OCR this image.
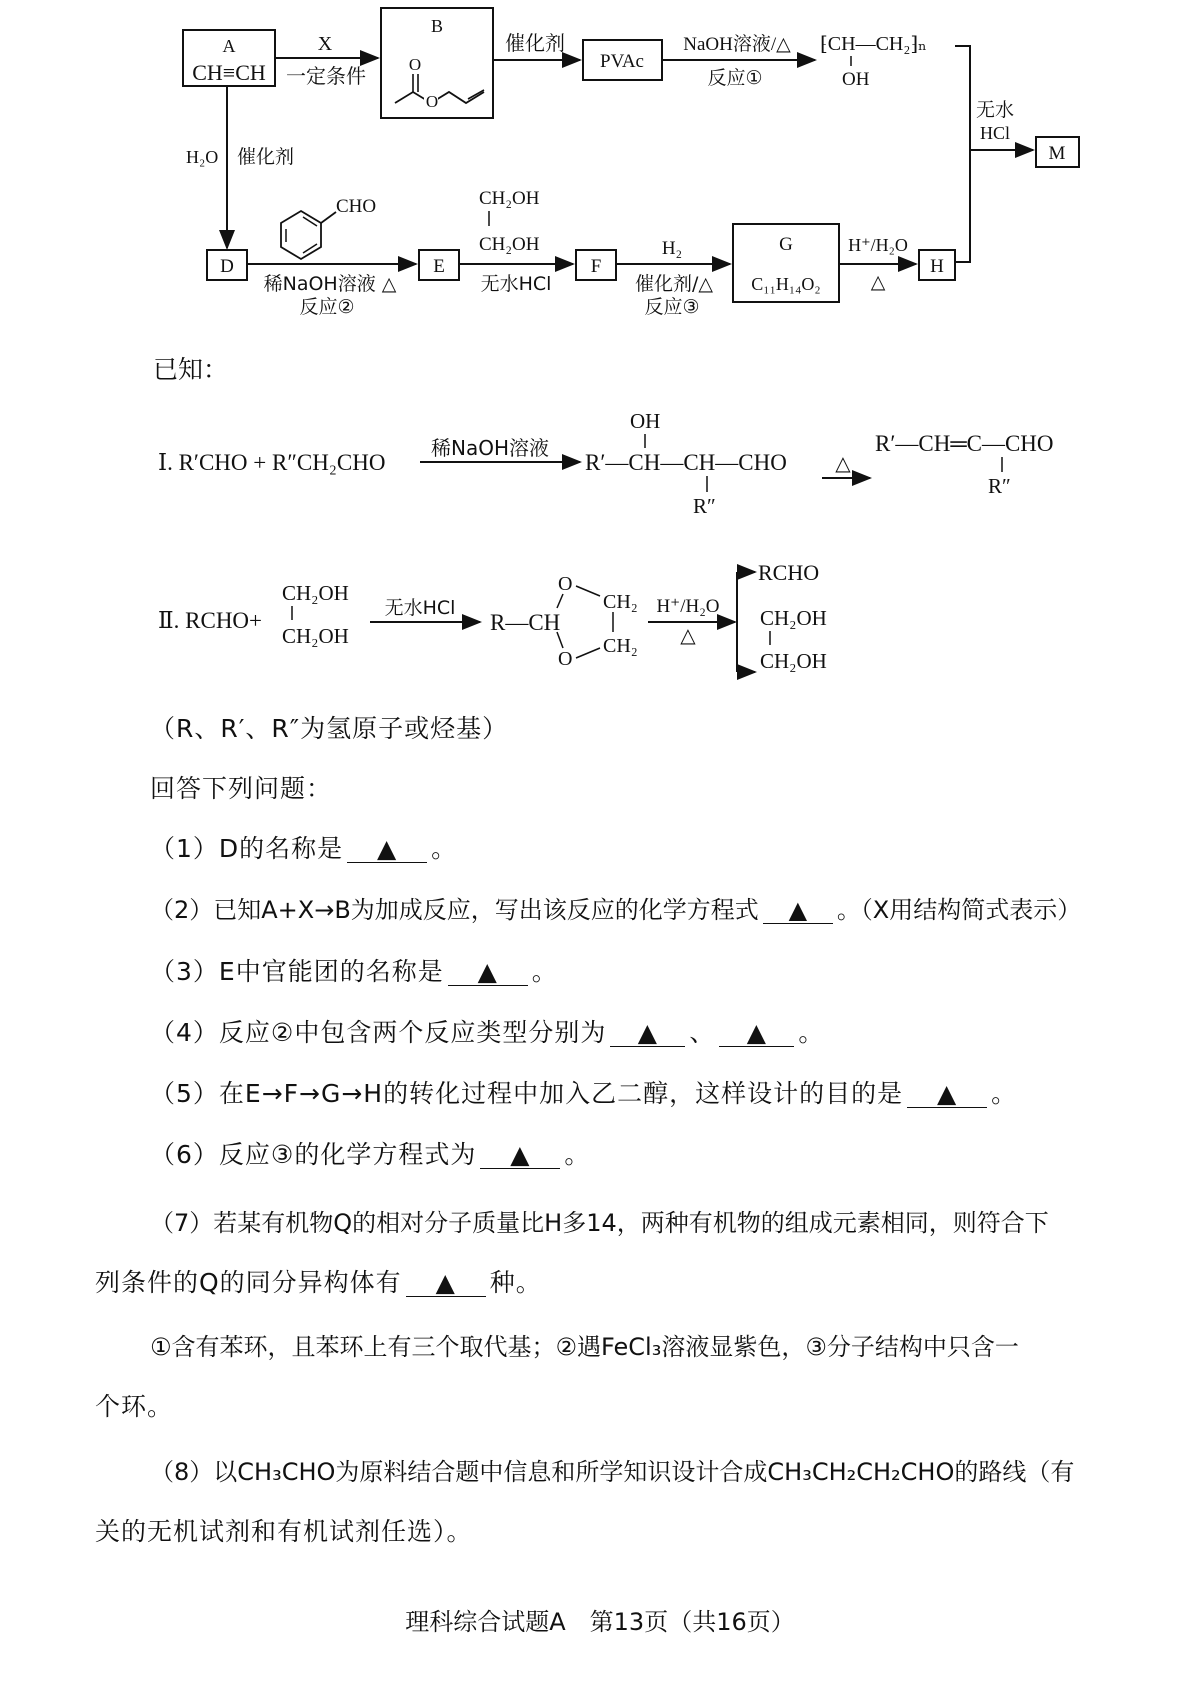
A
CH≡CH
X
一定条件
B
O
O
催化剂
PVAc
NaOH溶液/△
反应①
⁅CH—CH₂⁆ₙ
OH
无水
HCl
M
H₂O 催化剂
CHO
D
稀NaOH溶液 △
反应②
E
CH₂OH
CH₂OH
无水HCl
F
H₂
催化剂/△
反应③
G
C₁₁H₁₄O₂
H⁺/H₂O
△
H
已知：
Ⅰ. R′CHO + R″CH₂CHO
稀NaOH溶液
OH
R′—CH—CH—CHO
R″
△
R′—CH═C—CHO
R″
Ⅱ. RCHO+
CH₂OH
CH₂OH
无水HCl
R—CH
O
O
CH₂
CH₂
H⁺/H₂O
△
RCHO
CH₂OH
CH₂OH
（R、R′、R″为氢原子或烃基）
回答下列问题：
（1）D的名称是 ▲ 。
（2）已知A+X→B为加成反应，写出该反应的化学方程式 ▲ 。（X用结构简式表示）
（3）E中官能团的名称是 ▲ 。
（4）反应②中包含两个反应类型分别为 ▲ 、 ▲ 。
（5）在E→F→G→H的转化过程中加入乙二醇，这样设计的目的是 ▲ 。
（6）反应③的化学方程式为 ▲ 。
（7）若某有机物Q的相对分子质量比H多14，两种有机物的组成元素相同，则符合下
列条件的Q的同分异构体有 ▲ 种。
①含有苯环，且苯环上有三个取代基；②遇FeCl₃溶液显紫色，③分子结构中只含一
个环。
（8）以CH₃CHO为原料结合题中信息和所学知识设计合成CH₃CH₂CH₂CHO的路线（有
关的无机试剂和有机试剂任选）。
理科综合试题A　第13页（共16页）
